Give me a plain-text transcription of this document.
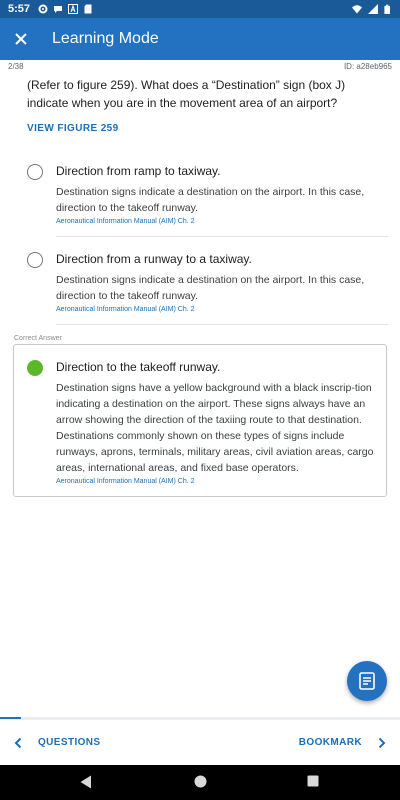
5:57
Learning Mode
2/38	ID: a28eb965
(Refer to figure 259). What does a “Destination” sign (box J) indicate when you are in the movement area of an airport?
VIEW FIGURE 259
Direction from ramp to taxiway.
Destination signs indicate a destination on the airport. In this case, direction to the takeoff runway.
Aeronautical Information Manual (AIM) Ch. 2
Direction from a runway to a taxiway.
Destination signs indicate a destination on the airport. In this case, direction to the takeoff runway.
Aeronautical Information Manual (AIM) Ch. 2
Correct Answer
Direction to the takeoff runway.
Destination signs have a yellow background with a black inscrip-tion indicating a destination on the airport. These signs always have an arrow showing the direction of the taxiing route to that destination. Destinations commonly shown on these types of signs include runways, aprons, terminals, military areas, civil aviation areas, cargo areas, international areas, and fixed base operators.
Aeronautical Information Manual (AIM) Ch. 2
QUESTIONS	BOOKMARK
